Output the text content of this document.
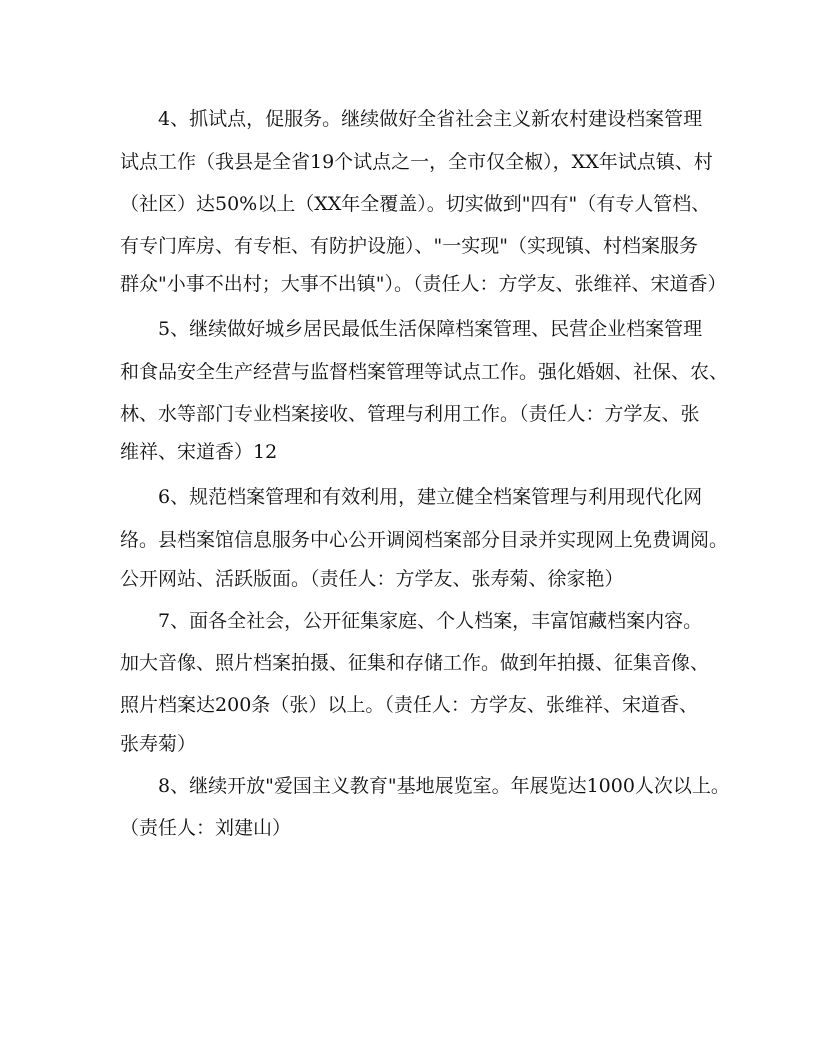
4、抓试点，促服务。继续做好全省社会主义新农村建设档案管理
试点工作（我县是全省19个试点之一，全市仅全椒），XX年试点镇、村
（社区）达50%以上（XX年全覆盖）。切实做到"四有"（有专人管档、
有专门库房、有专柜、有防护设施）、"一实现"（实现镇、村档案服务
群众"小事不出村；大事不出镇"）。（责任人：方学友、张维祥、宋道香）
5、继续做好城乡居民最低生活保障档案管理、民营企业档案管理
和食品安全生产经营与监督档案管理等试点工作。强化婚姻、社保、农、
林、水等部门专业档案接收、管理与利用工作。（责任人：方学友、张
维祥、宋道香）12
6、规范档案管理和有效利用，建立健全档案管理与利用现代化网
络。县档案馆信息服务中心公开调阅档案部分目录并实现网上免费调阅。
公开网站、活跃版面。（责任人：方学友、张寿菊、徐家艳）
7、面各全社会，公开征集家庭、个人档案，丰富馆藏档案内容。
加大音像、照片档案拍摄、征集和存储工作。做到年拍摄、征集音像、
照片档案达200条（张）以上。（责任人：方学友、张维祥、宋道香、
张寿菊）
8、继续开放"爱国主义教育"基地展览室。年展览达1000人次以上。
（责任人：刘建山）
